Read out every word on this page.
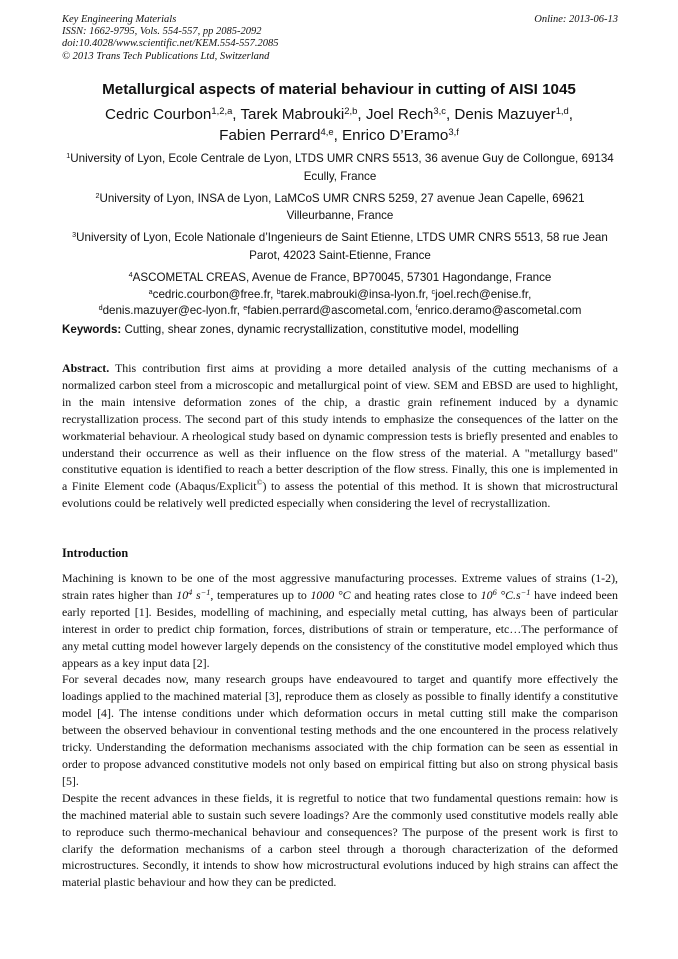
Key Engineering Materials
ISSN: 1662-9795, Vols. 554-557, pp 2085-2092
doi:10.4028/www.scientific.net/KEM.554-557.2085
© 2013 Trans Tech Publications Ltd, Switzerland
Online: 2013-06-13
Metallurgical aspects of material behaviour in cutting of AISI 1045
Cedric Courbon$^{1,2,a}$, Tarek Mabrouki$^{2,b}$, Joel Rech$^{3,c}$, Denis Mazuyer$^{1,d}$,
Fabien Perrard$^{4,e}$, Enrico D’Eramo$^{3,f}$
$^1$University of Lyon, Ecole Centrale de Lyon, LTDS UMR CNRS 5513, 36 avenue Guy de Collongue, 69134 Ecully, France
$^2$University of Lyon, INSA de Lyon, LaMCoS UMR CNRS 5259, 27 avenue Jean Capelle, 69621 Villeurbanne, France
$^3$University of Lyon, Ecole Nationale d’Ingenieurs de Saint Etienne, LTDS UMR CNRS 5513, 58 rue Jean Parot, 42023 Saint-Etienne, France
$^4$ASCOMETAL CREAS, Avenue de France, BP70045, 57301 Hagondange, France
$^a$cedric.courbon@free.fr, $^b$tarek.mabrouki@insa-lyon.fr, $^c$joel.rech@enise.fr,
$^d$denis.mazuyer@ec-lyon.fr, $^e$fabien.perrard@ascometal.com, $^f$enrico.deramo@ascometal.com
Keywords: Cutting, shear zones, dynamic recrystallization, constitutive model, modelling
Abstract. This contribution first aims at providing a more detailed analysis of the cutting mechanisms of a normalized carbon steel from a microscopic and metallurgical point of view. SEM and EBSD are used to highlight, in the main intensive deformation zones of the chip, a drastic grain refinement induced by a dynamic recrystallization process. The second part of this study intends to emphasize the consequences of the latter on the workmaterial behaviour. A rheological study based on dynamic compression tests is briefly presented and enables to understand their occurrence as well as their influence on the flow stress of the material. A "metallurgy based" constitutive equation is identified to reach a better description of the flow stress. Finally, this one is implemented in a Finite Element code (Abaqus/Explicit©) to assess the potential of this method. It is shown that microstructural evolutions could be relatively well predicted especially when considering the level of recrystallization.
Introduction

Machining is known to be one of the most aggressive manufacturing processes. Extreme values of strains (1-2), strain rates higher than $10^4$ $s^{-1}$, temperatures up to 1000 °C and heating rates close to $10^6$ $^\circ C.s^{-1}$ have indeed been early reported [1]. Besides, modelling of machining, and especially metal cutting, has always been of particular interest in order to predict chip formation, forces, distributions of strain or temperature, etc…The performance of any metal cutting model however largely depends on the consistency of the constitutive model employed which thus appears as a key input data [2].

For several decades now, many research groups have endeavoured to target and quantify more effectively the loadings applied to the machined material [3], reproduce them as closely as possible to finally identify a constitutive model [4]. The intense conditions under which deformation occurs in metal cutting still make the comparison between the observed behaviour in conventional testing methods and the one encountered in the process relatively tricky. Understanding the deformation mechanisms associated with the chip formation can be seen as essential in order to propose advanced constitutive models not only based on empirical fitting but also on strong physical basis [5].

Despite the recent advances in these fields, it is regretful to notice that two fundamental questions remain: how is the machined material able to sustain such severe loadings? Are the commonly used constitutive models really able to reproduce such thermo-mechanical behaviour and consequences? The purpose of the present work is first to clarify the deformation mechanisms of a carbon steel through a thorough characterization of the deformed microstructures. Secondly, it intends to show how microstructural evolutions induced by high strains can affect the material plastic behaviour and how they can be predicted.
